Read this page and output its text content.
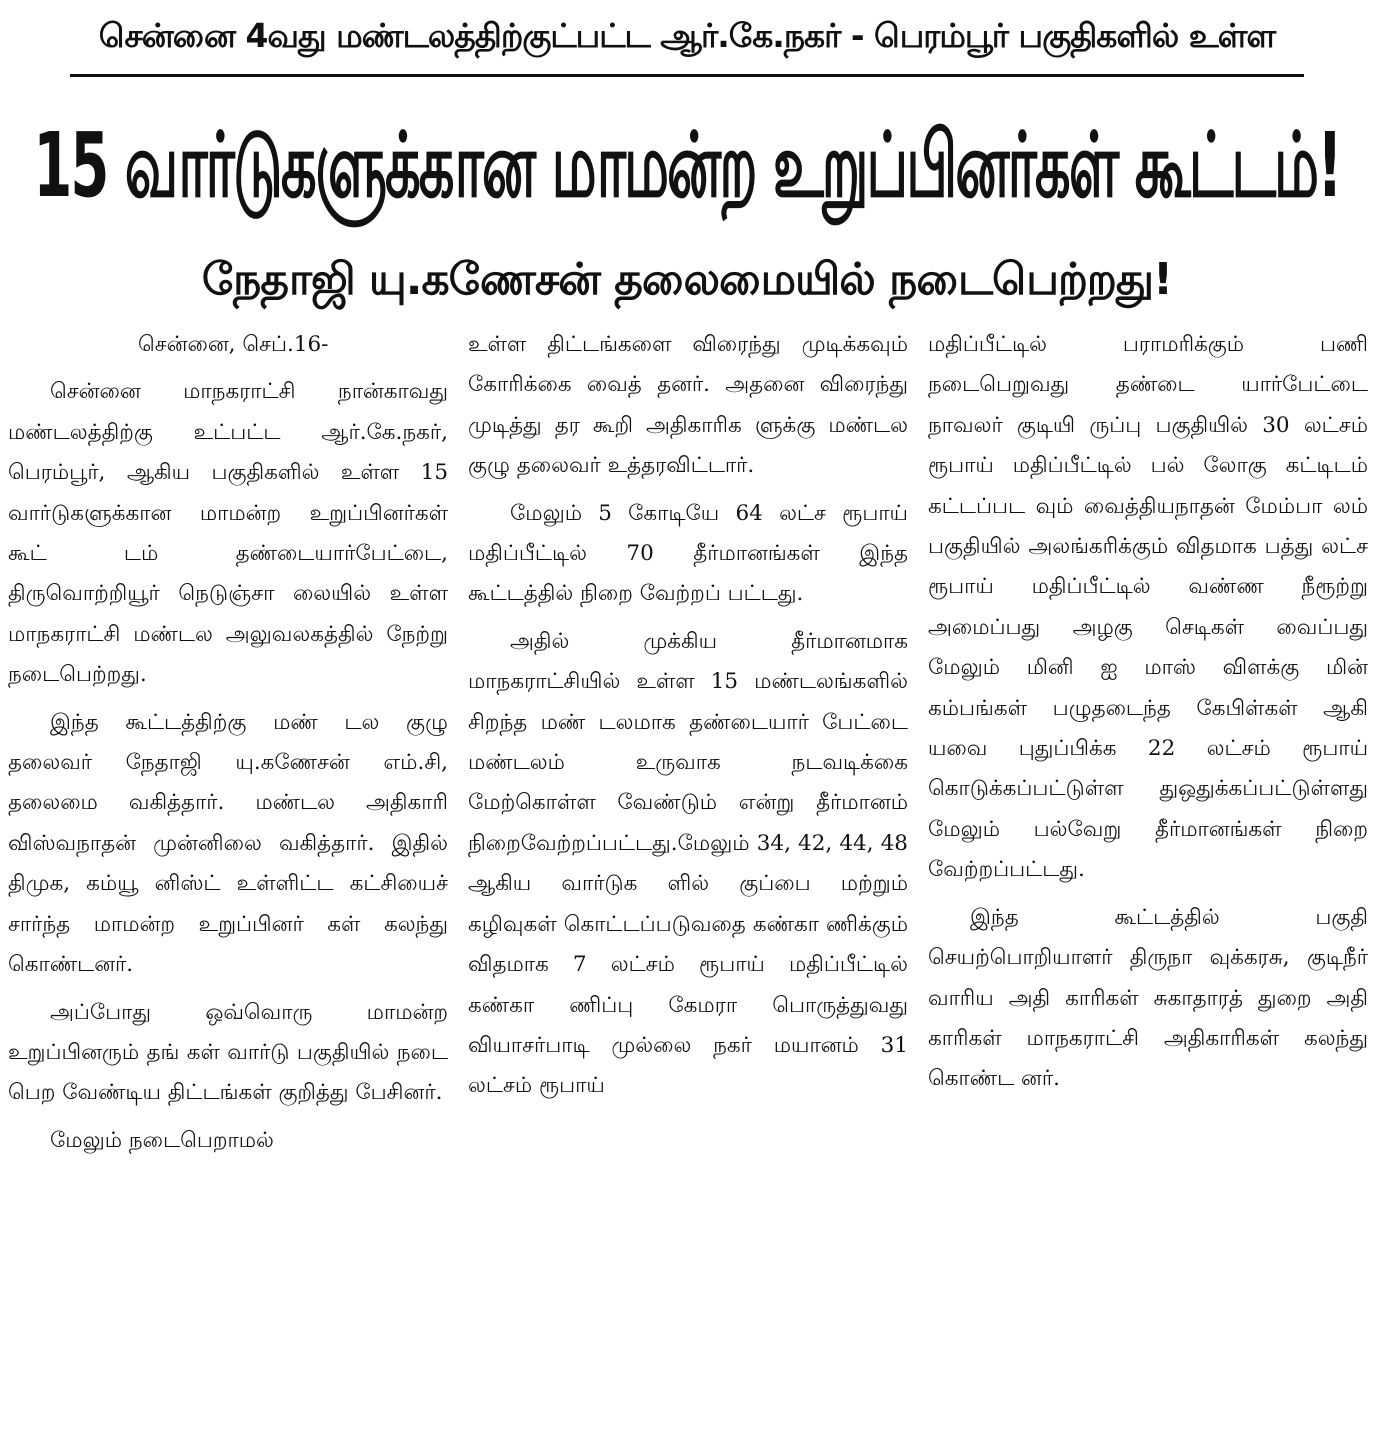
சென்னை 4வது மண்டலத்திற்குட்பட்ட ஆர்.கே.நகர் - பெரம்பூர் பகுதிகளில் உள்ள
15 வார்டுகளுக்கான மாமன்ற உறுப்பினர்கள் கூட்டம்!
நேதாஜி யு.கணேசன் தலைமையில் நடைபெற்றது!

சென்னை, செப்.16-

சென்னை மாநகராட்சி நான்காவது மண்டலத்திற்கு உட்பட்ட ஆர்.கே.நகர், பெரம்பூர், ஆகிய பகுதிகளில் உள்ள 15 வார்டுகளுக்கான மாமன்ற உறுப்பினர்கள் கூட் டம் தண்டையார்பேட்டை, திருவொற்றியூர் நெடுஞ்சா லையில் உள்ள மாநகராட்சி மண்டல அலுவலகத்தில் நேற்று நடைபெற்றது.

இந்த கூட்டத்திற்கு மண் டல குழு தலைவர் நேதாஜி யு.கணேசன் எம்.சி, தலைமை வகித்தார். மண்டல அதிகாரி விஸ்வநாதன் முன்னிலை வகித்தார். இதில் திமுக, கம்யூ னிஸ்ட் உள்ளிட்ட கட்சியைச் சார்ந்த மாமன்ற உறுப்பினர் கள் கலந்து கொண்டனர்.

அப்போது ஒவ்வொரு மாமன்ற உறுப்பினரும் தங் கள் வார்டு பகுதியில் நடை பெற வேண்டிய திட்டங்கள் குறித்து பேசினர்.

மேலும் நடைபெறாமல்

உள்ள திட்டங்களை விரைந்து முடிக்கவும் கோரிக்கை வைத் தனர். அதனை விரைந்து முடித்து தர கூறி அதிகாரிக ளுக்கு மண்டல குழு தலைவர் உத்தரவிட்டார்.

மேலும் 5 கோடியே 64 லட்ச ரூபாய் மதிப்பீட்டில் 70 தீர்மானங்கள் இந்த கூட்டத்தில் நிறை வேற்றப் பட்டது.

அதில் முக்கிய தீர்மானமாக மாநகராட்சியில் உள்ள 15 மண்டலங்களில் சிறந்த மண் டலமாக தண்டையார் பேட்டை மண்டலம் உருவாக நடவடிக்கை மேற்கொள்ள வேண்டும் என்று தீர்மானம் நிறைவேற்றப்பட்டது.மேலும் 34, 42, 44, 48 ஆகிய வார்டுக ளில் குப்பை மற்றும் கழிவுகள் கொட்டப்படுவதை கண்கா ணிக்கும் விதமாக 7 லட்சம் ரூபாய் மதிப்பீட்டில் கண்கா ணிப்பு கேமரா பொருத்துவது வியாசர்பாடி முல்லை நகர் மயானம் 31 லட்சம் ரூபாய்

மதிப்பீட்டில் பராமரிக்கும் பணி நடைபெறுவது தண்டை யார்பேட்டை நாவலர் குடியி ருப்பு பகுதியில் 30 லட்சம் ரூபாய் மதிப்பீட்டில் பல் லோகு கட்டிடம் கட்டப்பட வும் வைத்தியநாதன் மேம்பா லம் பகுதியில் அலங்கரிக்கும் விதமாக பத்து லட்ச ரூபாய் மதிப்பீட்டில் வண்ண நீரூற்று அமைப்பது அழகு செடிகள் வைப்பது மேலும் மினி ஐ மாஸ் விளக்கு மின் கம்பங்கள் பழுதடைந்த கேபிள்கள் ஆகி யவை புதுப்பிக்க 22 லட்சம் ரூபாய் கொடுக்கப்பட்டுள்ள துஒதுக்கப்பட்டுள்ளது மேலும் பல்வேறு தீர்மானங்கள் நிறை வேற்றப்பட்டது.

இந்த கூட்டத்தில் பகுதி செயற்பொறியாளர் திருநா வுக்கரசு, குடிநீர் வாரிய அதி காரிகள் சுகாதாரத் துறை அதி காரிகள் மாநகராட்சி அதிகாரிகள் கலந்து கொண்ட னர்.
